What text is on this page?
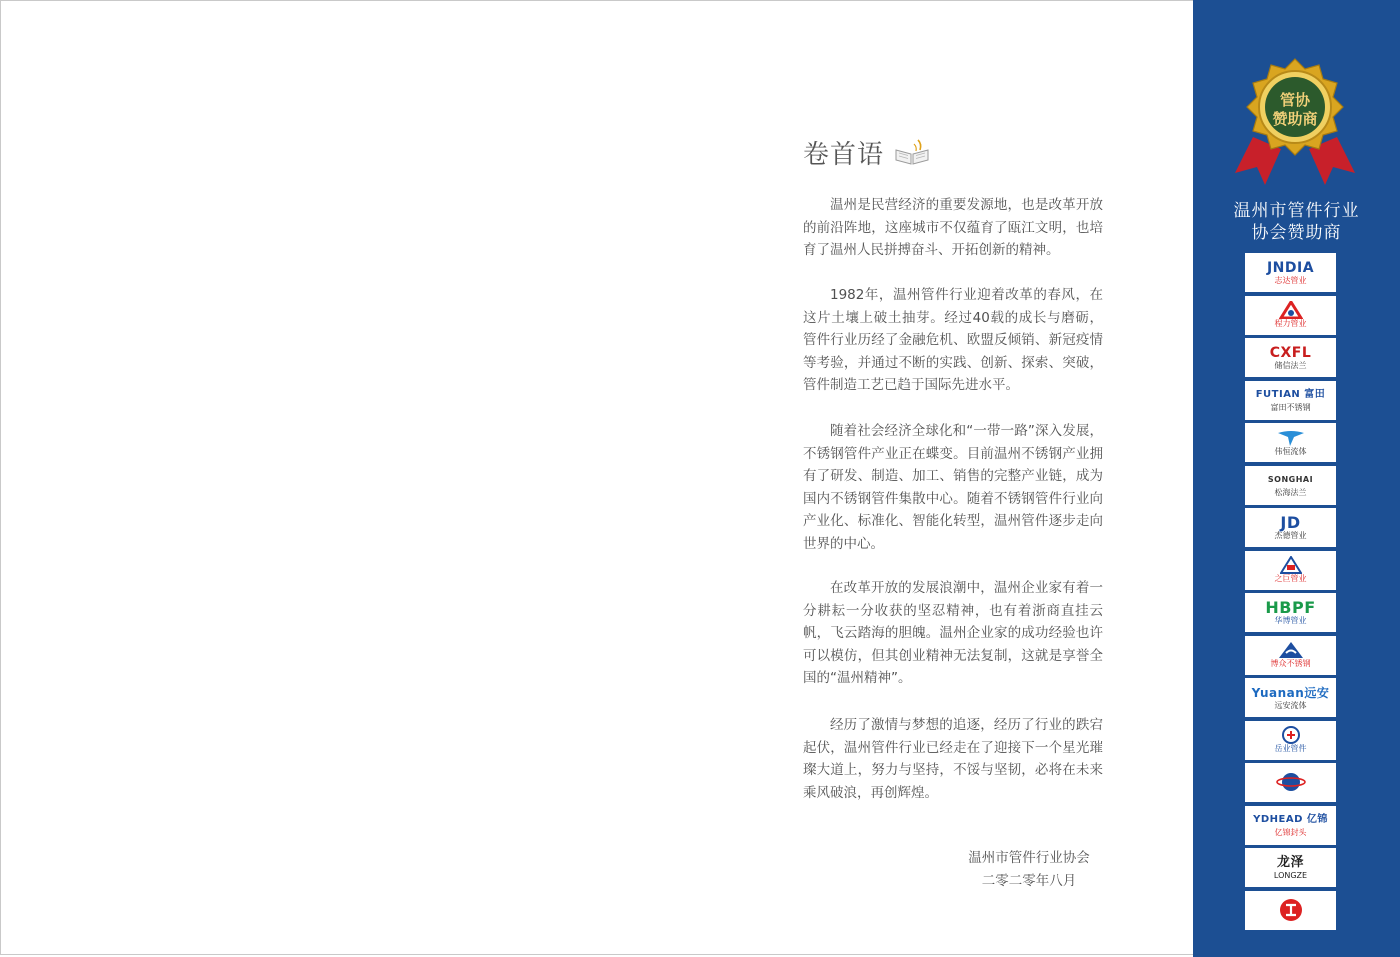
卷首语

温州是民营经济的重要发源地，也是改革开放的前沿阵地，这座城市不仅蕴育了瓯江文明，也培育了温州人民拼搏奋斗、开拓创新的精神。

1982年，温州管件行业迎着改革的春风，在这片土壤上破土抽芽。经过40载的成长与磨砺，管件行业历经了金融危机、欧盟反倾销、新冠疫情等考验，并通过不断的实践、创新、探索、突破，管件制造工艺已趋于国际先进水平。

随着社会经济全球化和“一带一路”深入发展，不锈钢管件产业正在蝶变。目前温州不锈钢产业拥有了研发、制造、加工、销售的完整产业链，成为国内不锈钢管件集散中心。随着不锈钢管件行业向产业化、标准化、智能化转型，温州管件逐步走向世界的中心。

在改革开放的发展浪潮中，温州企业家有着一分耕耘一分收获的坚忍精神，也有着浙商直挂云帆，飞云踏海的胆魄。温州企业家的成功经验也许可以模仿，但其创业精神无法复制，这就是享誉全国的“温州精神”。

经历了激情与梦想的追逐，经历了行业的跌宕起伏，温州管件行业已经走在了迎接下一个星光璀璨大道上，努力与坚持，不馁与坚韧，必将在未来乘风破浪，再创辉煌。

温州市管件行业协会
二零二零年八月
管协
赞助商
温州市管件行业
协会赞助商
JNDIA
志达管业
程力管业
CXFL
储信法兰
FUTIAN 富田
富田不锈钢
伟恒流体
SONGHAI
松海法兰
JD
杰德管业
之巨管业
HBPF
华博管业
博众不锈钢
Yuanan远安
远安流体
岳业管件
YDHEAD 亿锦
亿锦封头
龙泽
LONGZE
